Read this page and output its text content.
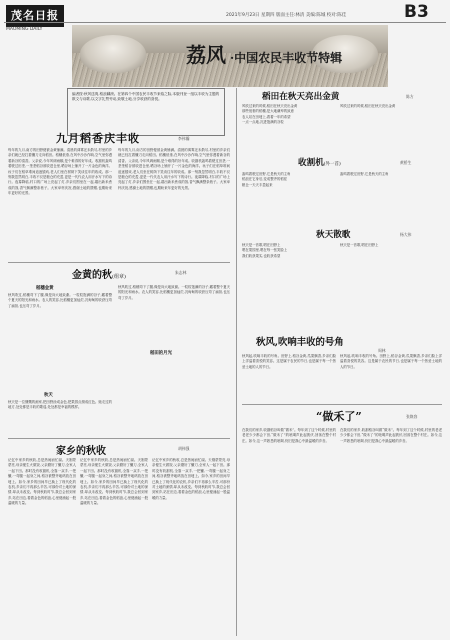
茂名日报
MAOMING DAILY
2021年9月23日 星期四 版面主任:林清 美编:陈城 校对:陈佳	B3
荔风 ·中国农民丰收节特辑
编者按:秋风送爽,稻浪翻滚。在第四个中国农民丰收节来临之际,本版刊登一组以丰收为主题的散文与诗歌,以文字礼赞劳动,致敬土地,分享收获的喜悦。
九月稻香庆丰收	李伟瀚
每年的九月,南方的田野便被金黄铺满。清晨的薄雾还未散尽,村里的乡亲们就已经扛着镰刀走向稻田。稻穗低垂,在风中沙沙作响,空气里弥漫着新谷的清香。父亲说,今年风调雨顺,是个难得的好年成。收割机轰鸣着驶过田垄,一垄垄稻谷被收进仓里,晒谷场上铺开了一片金色的海洋。孩子们在稻草堆间追逐嬉戏,老人们坐在树荫下笑谈往年的收成。那一刻我忽然明白,丰收不仅是粮仓的充盈,更是一代代农人用汗水写下的诗行。夜幕降临,村口的广场上亮起了灯,乡亲们围坐在一起,端出新米煮成的饭,香气飘满整条巷子。大家举杯庆祝,感谢土地的馈赠,也期盼来年更好的光景。
每年的九月,南方的田野便被金黄铺满。清晨的薄雾还未散尽,村里的乡亲们就已经扛着镰刀走向稻田。稻穗低垂,在风中沙沙作响,空气里弥漫着新谷的清香。父亲说,今年风调雨顺,是个难得的好年成。收割机轰鸣着驶过田垄,一垄垄稻谷被收进仓里,晒谷场上铺开了一片金色的海洋。孩子们在稻草堆间追逐嬉戏,老人们坐在树荫下笑谈往年的收成。那一刻我忽然明白,丰收不仅是粮仓的充盈,更是一代代农人用汗水写下的诗行。夜幕降临,村口的广场上亮起了灯,乡亲们围坐在一起,端出新米煮成的饭,香气飘满整条巷子。大家举杯庆祝,感谢土地的馈赠,也期盼来年更好的光景。
金黄的秋(组章)
朱志林
稻穗金黄
秋风吹过,稻穗弯下了腰,像是向大地致谢。一粒粒饱满的谷子,藏着整个夏天的阳光和雨水。农人的笑容,比稻穗更加灿烂,沉甸甸的收获压弯了扁担,也压弯了岁月。
秋天
秋天是一位慷慨的画家,把田野涂成金色,把果园点缀成红色。她走过的地方,处处都是丰收的歌谣,处处都是幸福的模样。
秋风吹过,稻穗弯下了腰,像是向大地致谢。一粒粒饱满的谷子,藏着整个夏天的阳光和雨水。农人的笑容,比稻穗更加灿烂,沉甸甸的收获压弯了扁担,也压弯了岁月。
稻田的月光
家乡的秋收	胡伟强
记忆中家乡的秋收,总是热闹而忙碌。天刚蒙蒙亮,母亲便生火做饭,父亲磨好了镰刀,全家人一起下田。那时没有收割机,全靠一双手,一把镰,一弯腰一起身之间,稻谷被整齐地码放在田埂上。如今,家乡的田间早已换上了现代化的农机,乡亲们不再那么辛苦,可那份对土地的深情,却从未改变。每到秋收时节,我总会回到家乡,站在田边,看着金色的稻浪,心里便涌起一股温暖的力量。
记忆中家乡的秋收,总是热闹而忙碌。天刚蒙蒙亮,母亲便生火做饭,父亲磨好了镰刀,全家人一起下田。那时没有收割机,全靠一双手,一把镰,一弯腰一起身之间,稻谷被整齐地码放在田埂上。如今,家乡的田间早已换上了现代化的农机,乡亲们不再那么辛苦,可那份对土地的深情,却从未改变。每到秋收时节,我总会回到家乡,站在田边,看着金色的稻浪,心里便涌起一股温暖的力量。
记忆中家乡的秋收,总是热闹而忙碌。天刚蒙蒙亮,母亲便生火做饭,父亲磨好了镰刀,全家人一起下田。那时没有收割机,全靠一双手,一把镰,一弯腰一起身之间,稻谷被整齐地码放在田埂上。如今,家乡的田间早已换上了现代化的农机,乡亲们不再那么辛苦,可那份对土地的深情,却从未改变。每到秋收时节,我总会回到家乡,站在田边,看着金色的稻浪,心里便涌起一股温暖的力量。
稻田在秋天亮出金黄	陈方
风吹过来的时候,稻田在秋天亮出金黄
那些低垂的稻穗,是大地谦卑的致意
农人站在田埂上,看着一年的希望
一点一点地,沉进饱满的谷粒
风吹过来的时候,稻田在秋天亮出金黄
收割机(外一首)	黄桥生
轰鸣着驶过田野,它是秋天的主角
稻浪在它身后,变成整齐的稻茬
粮仓一天天丰盈起来
轰鸣着驶过田野,它是秋天的主角
秋天散歌	杨大伟
秋天是一首歌,唱在田野上
唱在果园里,唱在每一张笑脸上
我们收获果实,也收获希望
秋天是一首歌,唱在田野上
秋风,吹响丰收的号角
周林
秋风起,吹响丰收的号角。田野上,稻谷金黄,瓜果飘香,乡亲们脸上洋溢着喜悦的笑容。这是属于农民的节日,也是属于每一个热爱土地的人的节日。
秋风起,吹响丰收的号角。田野上,稻谷金黄,瓜果飘香,乡亲们脸上洋溢着喜悦的笑容。这是属于农民的节日,也是属于每一个热爱土地的人的节日。
“做禾了”	张焕容
在我们的家乡,收割稻谷叫做“做禾”。每年到了这个时候,村里的老老少少都会下田,“做禾了”的吆喝声此起彼伏,回荡在整个村庄。如今,这一声熟悉的吆喝,仍旧是我心中最温暖的乡音。
在我们的家乡,收割稻谷叫做“做禾”。每年到了这个时候,村里的老老少少都会下田,“做禾了”的吆喝声此起彼伏,回荡在整个村庄。如今,这一声熟悉的吆喝,仍旧是我心中最温暖的乡音。
